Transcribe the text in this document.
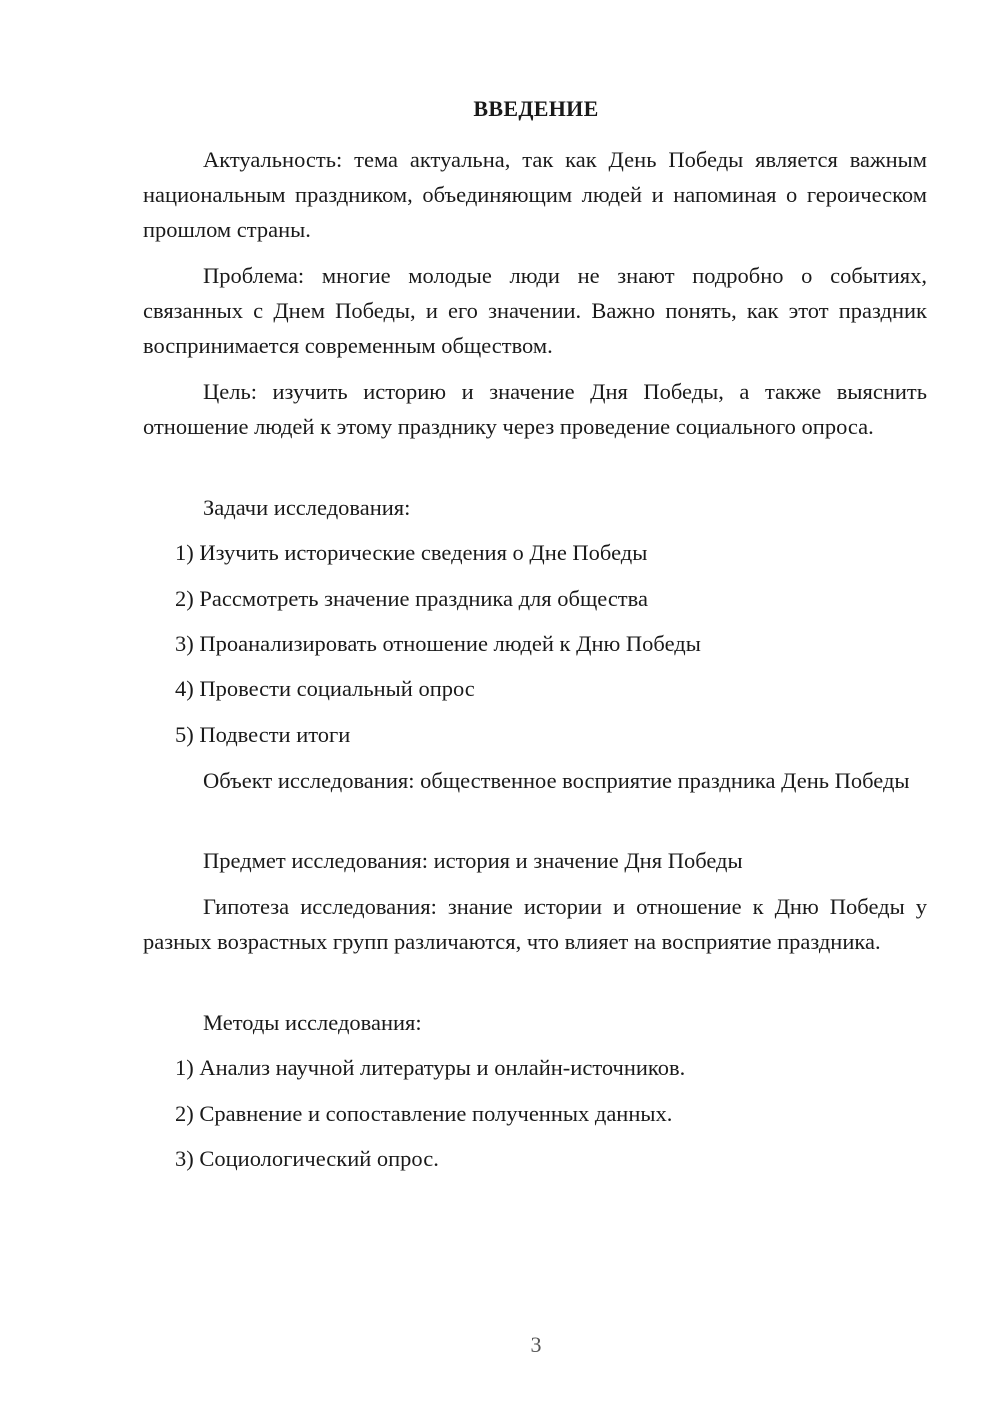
ВВЕДЕНИЕ

Актуальность: тема актуальна, так как День Победы является важным национальным праздником, объединяющим людей и напоминая о героическом прошлом страны.

Проблема: многие молодые люди не знают подробно о событиях, связанных с Днем Победы, и его значении. Важно понять, как этот праздник воспринимается современным обществом.

Цель: изучить историю и значение Дня Победы, а также выяснить отношение людей к этому празднику через проведение социального опроса.

Задачи исследования:

1) Изучить исторические сведения о Дне Победы

2) Рассмотреть значение праздника для общества

3) Проанализировать отношение людей к Дню Победы

4) Провести социальный опрос

5) Подвести итоги

Объект исследования: общественное восприятие праздника День Победы

Предмет исследования: история и значение Дня Победы

Гипотеза исследования: знание истории и отношение к Дню Победы у разных возрастных групп различаются, что влияет на восприятие праздника.

Методы исследования:

1) Анализ научной литературы и онлайн-источников.

2) Сравнение и сопоставление полученных данных.

3) Социологический опрос.

3
